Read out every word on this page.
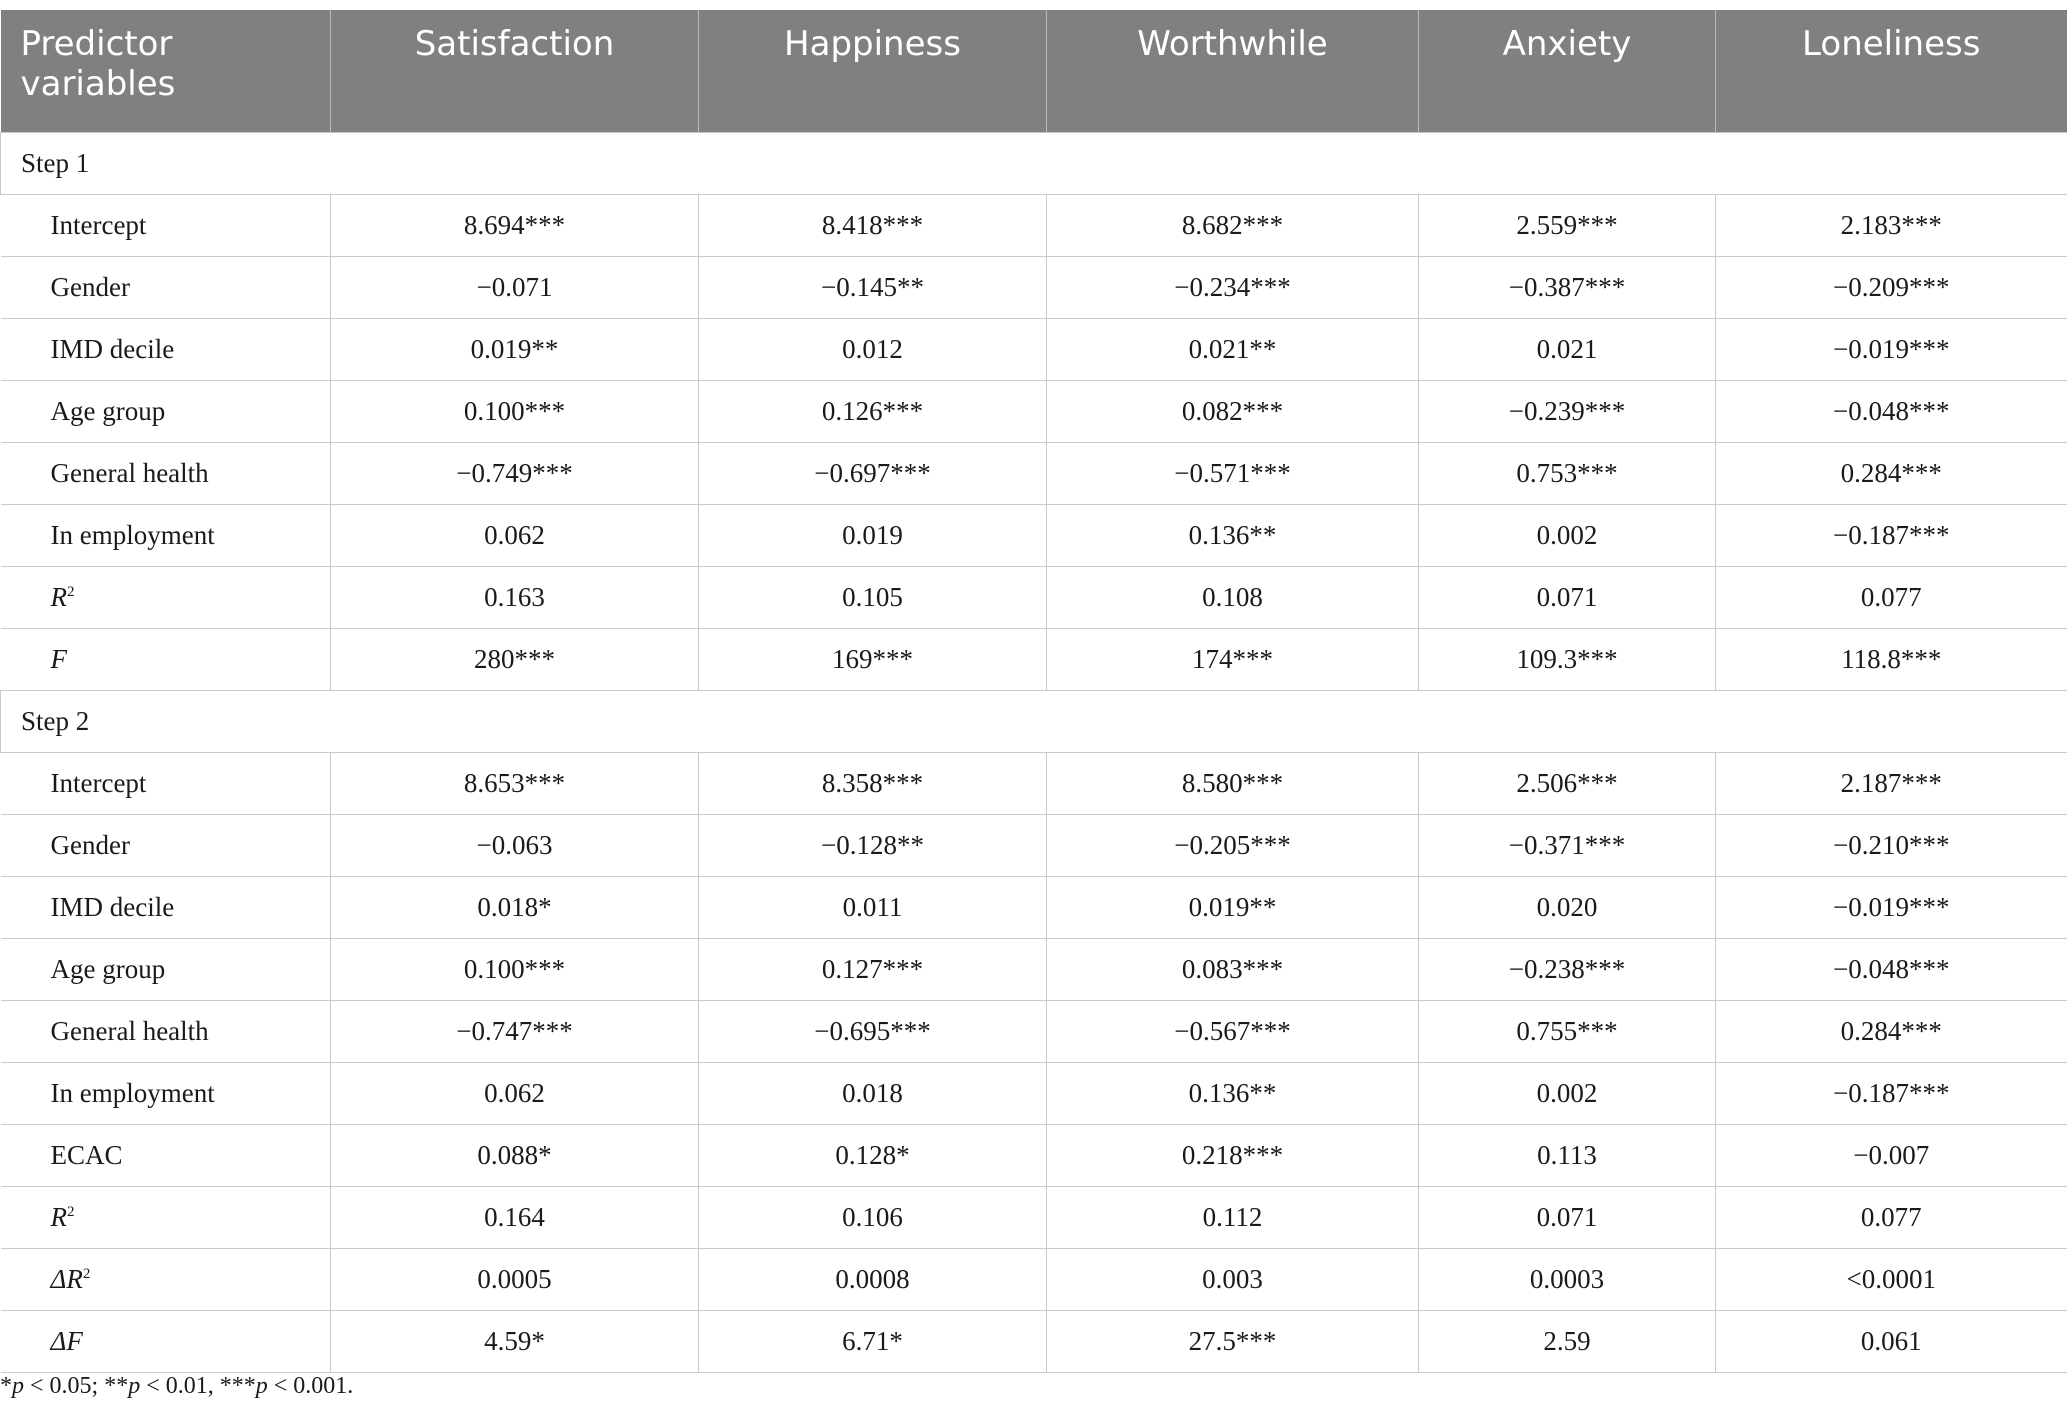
Predictor variables	Satisfaction	Happiness	Worthwhile	Anxiety	Loneliness
Step 1					
Intercept	8.694***	8.418***	8.682***	2.559***	2.183***
Gender	−0.071	−0.145**	−0.234***	−0.387***	−0.209***
IMD decile	0.019**	0.012	0.021**	0.021	−0.019***
Age group	0.100***	0.126***	0.082***	−0.239***	−0.048***
General health	−0.749***	−0.697***	−0.571***	0.753***	0.284***
In employment	0.062	0.019	0.136**	0.002	−0.187***
$R^2$	0.163	0.105	0.108	0.071	0.077
F	280***	169***	174***	109.3***	118.8***
Step 2					
Intercept	8.653***	8.358***	8.580***	2.506***	2.187***
Gender	−0.063	−0.128**	−0.205***	−0.371***	−0.210***
IMD decile	0.018*	0.011	0.019**	0.020	−0.019***
Age group	0.100***	0.127***	0.083***	−0.238***	−0.048***
General health	−0.747***	−0.695***	−0.567***	0.755***	0.284***
In employment	0.062	0.018	0.136**	0.002	−0.187***
ECAC	0.088*	0.128*	0.218***	0.113	−0.007
$R^2$	0.164	0.106	0.112	0.071	0.077
$\Delta R^2$	0.0005	0.0008	0.003	0.0003	<0.0001
ΔF	4.59*	6.71*	27.5***	2.59	0.061
*p < 0.05; **p < 0.01, ***p < 0.001.
